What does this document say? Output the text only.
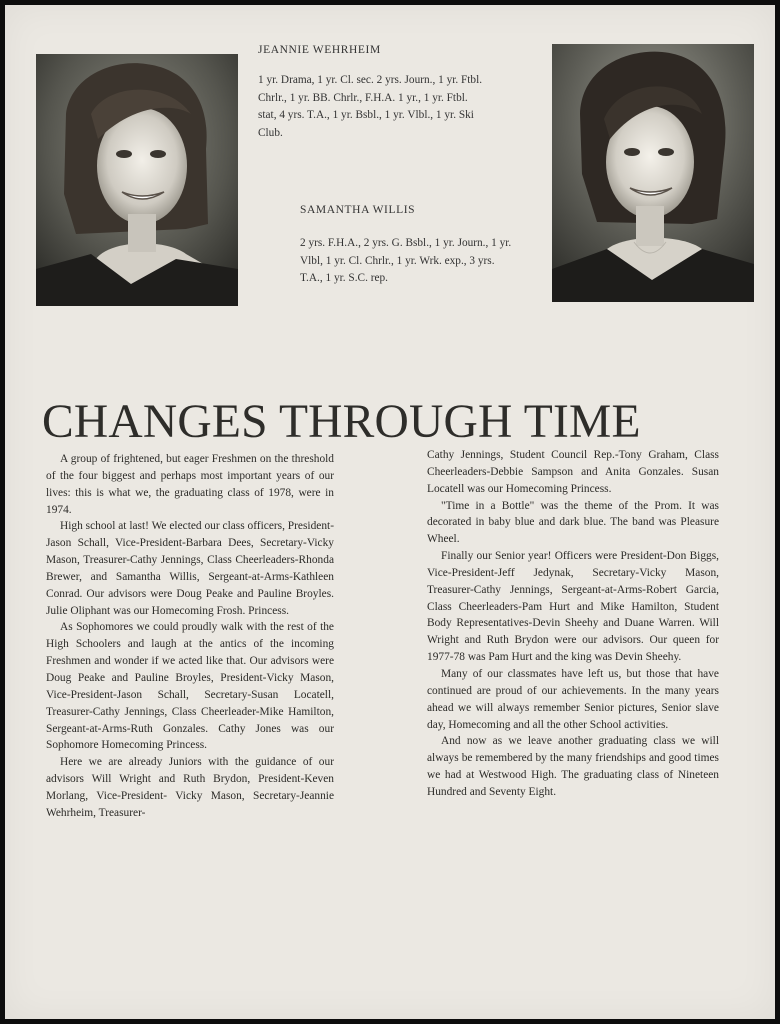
JEANNIE WEHRHEIM
1 yr. Drama, 1 yr. Cl. sec. 2 yrs. Journ., 1 yr. Ftbl. Chrlr., 1 yr. BB. Chrlr., F.H.A. 1 yr., 1 yr. Ftbl. stat, 4 yrs. T.A., 1 yr. Bsbl., 1 yr. Vlbl., 1 yr. Ski Club.
SAMANTHA WILLIS
2 yrs. F.H.A., 2 yrs. G. Bsbl., 1 yr. Journ., 1 yr. Vlbl, 1 yr. Cl. Chrlr., 1 yr. Wrk. exp., 3 yrs. T.A., 1 yr. S.C. rep.
CHANGES THROUGH TIME

A group of frightened, but eager Freshmen on the threshold of the four biggest and perhaps most important years of our lives: this is what we, the graduating class of 1978, were in 1974.

High school at last! We elected our class officers, President-Jason Schall, Vice-President-Barbara Dees, Secretary-Vicky Mason, Treasurer-Cathy Jennings, Class Cheerleaders-Rhonda Brewer, and Samantha Willis, Sergeant-at-Arms-Kathleen Conrad. Our advisors were Doug Peake and Pauline Broyles. Julie Oliphant was our Homecoming Frosh. Princess.

As Sophomores we could proudly walk with the rest of the High Schoolers and laugh at the antics of the incoming Freshmen and wonder if we acted like that. Our advisors were Doug Peake and Pauline Broyles, President-Vicky Mason, Vice-President-Jason Schall, Secretary-Susan Locatell, Treasurer-Cathy Jennings, Class Cheerleader-Mike Hamilton, Sergeant-at-Arms-Ruth Gonzales. Cathy Jones was our Sophomore Homecoming Princess.

Here we are already Juniors with the guidance of our advisors Will Wright and Ruth Brydon, President-Keven Morlang, Vice-President- Vicky Mason, Secretary-Jeannie Wehrheim, Treasurer-

Cathy Jennings, Student Council Rep.-Tony Graham, Class Cheerleaders-Debbie Sampson and Anita Gonzales. Susan Locatell was our Homecoming Princess.

"Time in a Bottle" was the theme of the Prom. It was decorated in baby blue and dark blue. The band was Pleasure Wheel.

Finally our Senior year! Officers were President-Don Biggs, Vice-President-Jeff Jedynak, Secretary-Vicky Mason, Treasurer-Cathy Jennings, Sergeant-at-Arms-Robert Garcia, Class Cheerleaders-Pam Hurt and Mike Hamilton, Student Body Representatives-Devin Sheehy and Duane Warren. Will Wright and Ruth Brydon were our advisors. Our queen for 1977-78 was Pam Hurt and the king was Devin Sheehy.

Many of our classmates have left us, but those that have continued are proud of our achievements. In the many years ahead we will always remember Senior pictures, Senior slave day, Homecoming and all the other School activities.

And now as we leave another graduating class we will always be remembered by the many friendships and good times we had at Westwood High. The graduating class of Nineteen Hundred and Seventy Eight.
